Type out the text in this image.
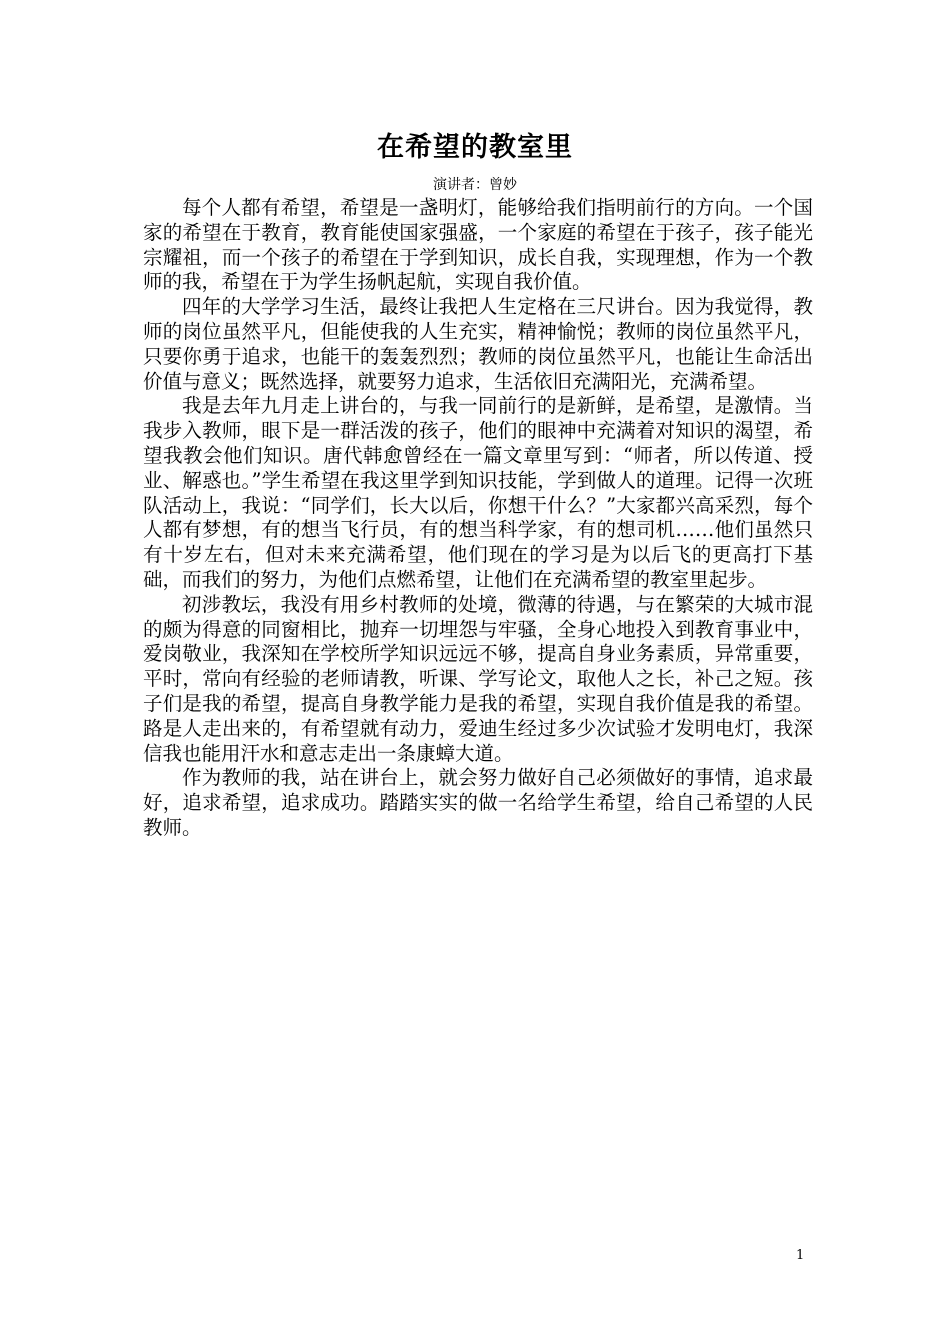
在希望的教室里
演讲者：曾妙

每个人都有希望，希望是一盏明灯，能够给我们指明前行的方向。一个国家的希望在于教育，教育能使国家强盛，一个家庭的希望在于孩子，孩子能光宗耀祖，而一个孩子的希望在于学到知识，成长自我，实现理想，作为一个教师的我，希望在于为学生扬帆起航，实现自我价值。

四年的大学学习生活，最终让我把人生定格在三尺讲台。因为我觉得，教师的岗位虽然平凡，但能使我的人生充实，精神愉悦；教师的岗位虽然平凡，只要你勇于追求，也能干的轰轰烈烈；教师的岗位虽然平凡，也能让生命活出价值与意义；既然选择，就要努力追求，生活依旧充满阳光，充满希望。

我是去年九月走上讲台的，与我一同前行的是新鲜，是希望，是激情。当我步入教师，眼下是一群活泼的孩子，他们的眼神中充满着对知识的渴望，希望我教会他们知识。唐代韩愈曾经在一篇文章里写到：“师者，所以传道、授业、解惑也。”学生希望在我这里学到知识技能，学到做人的道理。记得一次班队活动上，我说：“同学们，长大以后，你想干什么？”大家都兴高采烈，每个人都有梦想，有的想当飞行员，有的想当科学家，有的想司机……他们虽然只有十岁左右，但对未来充满希望，他们现在的学习是为以后飞的更高打下基础，而我们的努力，为他们点燃希望，让他们在充满希望的教室里起步。

初涉教坛，我没有用乡村教师的处境，微薄的待遇，与在繁荣的大城市混的颇为得意的同窗相比，抛弃一切埋怨与牢骚，全身心地投入到教育事业中，爱岗敬业，我深知在学校所学知识远远不够，提高自身业务素质，异常重要，平时，常向有经验的老师请教，听课、学写论文，取他人之长，补己之短。孩子们是我的希望，提高自身教学能力是我的希望，实现自我价值是我的希望。路是人走出来的，有希望就有动力，爱迪生经过多少次试验才发明电灯，我深信我也能用汗水和意志走出一条康蟑大道。

作为教师的我，站在讲台上，就会努力做好自己必须做好的事情，追求最好，追求希望，追求成功。踏踏实实的做一名给学生希望，给自己希望的人民教师。

1
